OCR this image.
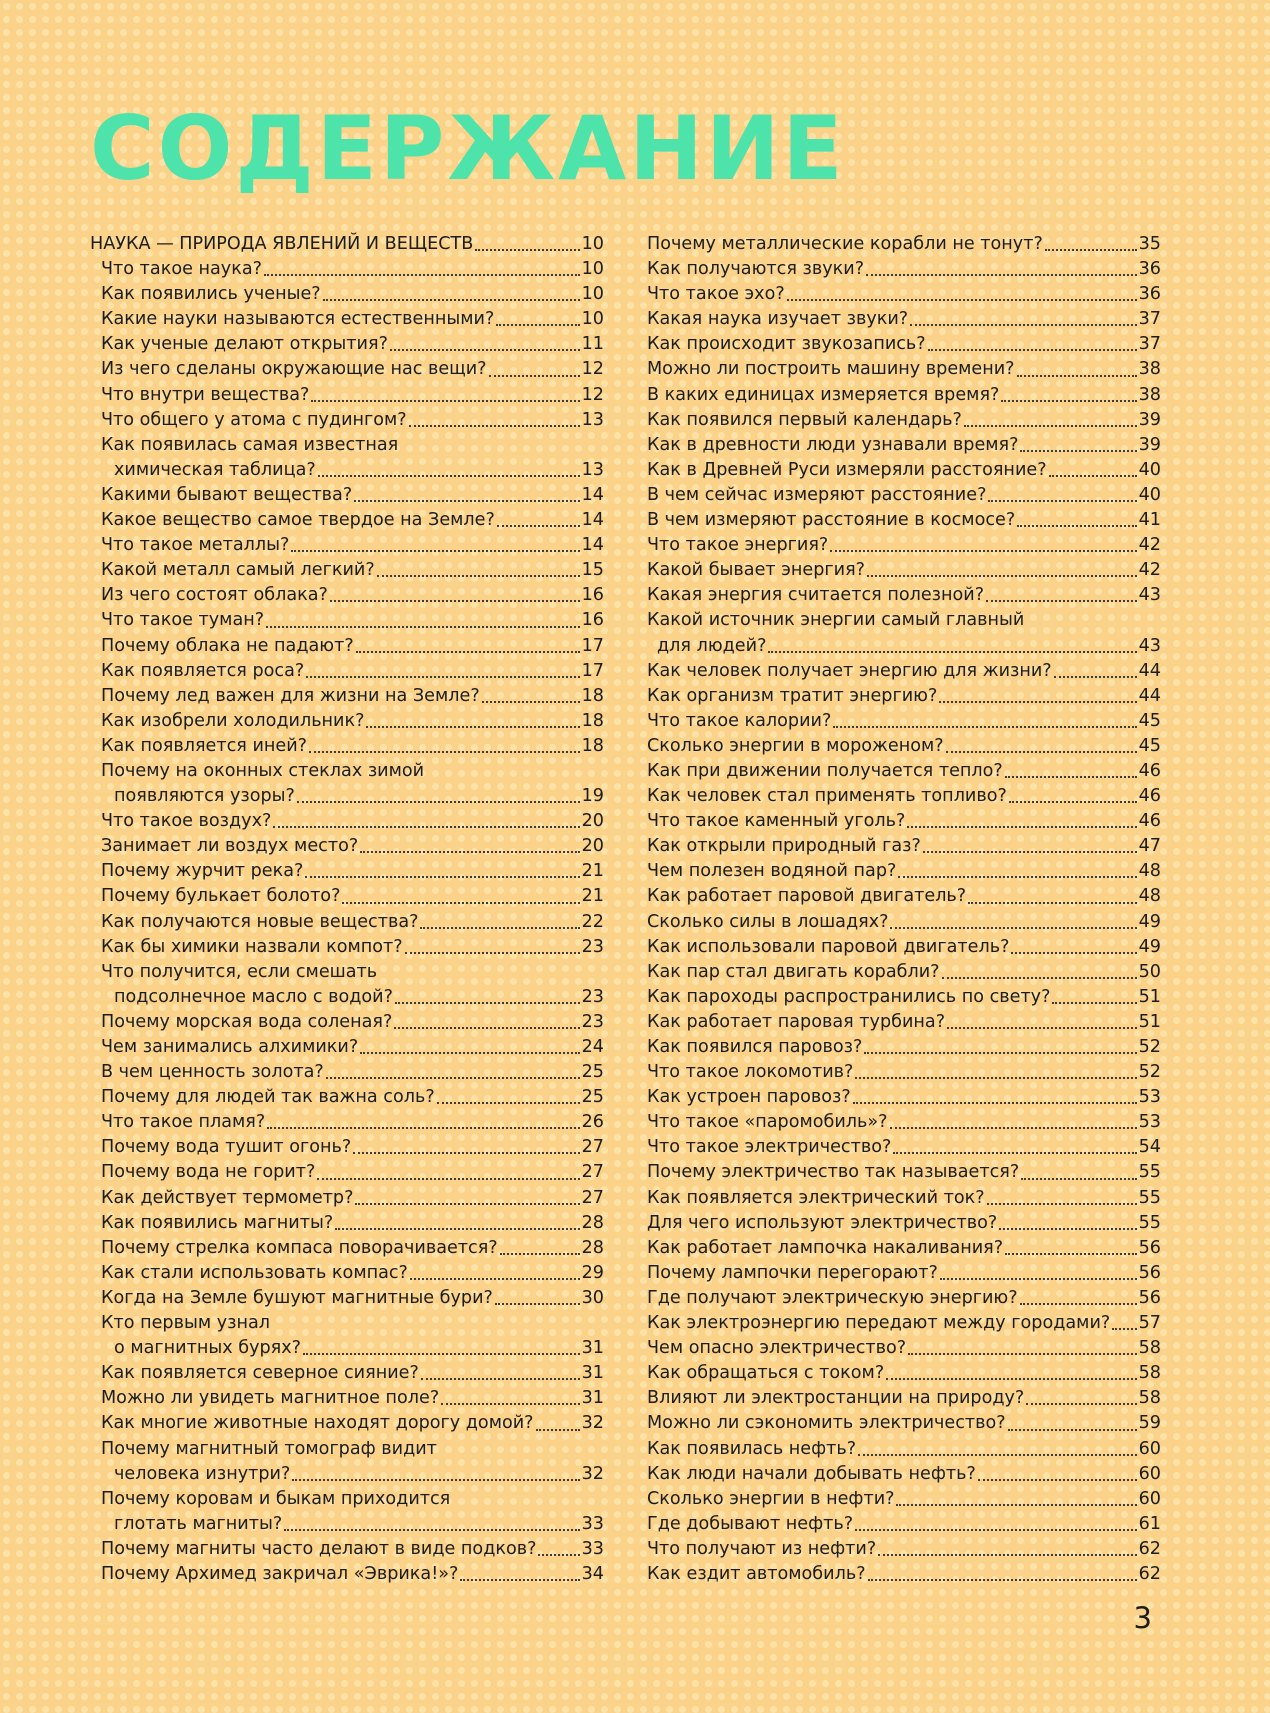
СОДЕРЖАНИЕ
НАУКА — ПРИРОДА ЯВЛЕНИЙ И ВЕЩЕСТВ	10
Что такое наука?	10
Как появились ученые?	10
Какие науки называются естественными?	10
Как ученые делают открытия?	11
Из чего сделаны окружающие нас вещи?	12
Что внутри вещества?	12
Что общего у атома с пудингом?	13
Как появилась самая известная
химическая таблица?	13
Какими бывают вещества?	14
Какое вещество самое твердое на Земле?	14
Что такое металлы?	14
Какой металл самый легкий?	15
Из чего состоят облака?	16
Что такое туман?	16
Почему облака не падают?	17
Как появляется роса?	17
Почему лед важен для жизни на Земле?	18
Как изобрели холодильник?	18
Как появляется иней?	18
Почему на оконных стеклах зимой
появляются узоры?	19
Что такое воздух?	20
Занимает ли воздух место?	20
Почему журчит река?	21
Почему булькает болото?	21
Как получаются новые вещества?	22
Как бы химики назвали компот?	23
Что получится, если смешать
подсолнечное масло с водой?	23
Почему морская вода соленая?	23
Чем занимались алхимики?	24
В чем ценность золота?	25
Почему для людей так важна соль?	25
Что такое пламя?	26
Почему вода тушит огонь?	27
Почему вода не горит?	27
Как действует термометр?	27
Как появились магниты?	28
Почему стрелка компаса поворачивается?	28
Как стали использовать компас?	29
Когда на Земле бушуют магнитные бури?	30
Кто первым узнал
о магнитных бурях?	31
Как появляется северное сияние?	31
Можно ли увидеть магнитное поле?	31
Как многие животные находят дорогу домой?	32
Почему магнитный томограф видит
человека изнутри?	32
Почему коровам и быкам приходится
глотать магниты?	33
Почему магниты часто делают в виде подков?	33
Почему Архимед закричал «Эврика!»?	34
Почему металлические корабли не тонут?	35
Как получаются звуки?	36
Что такое эхо?	36
Какая наука изучает звуки?	37
Как происходит звукозапись?	37
Можно ли построить машину времени?	38
В каких единицах измеряется время?	38
Как появился первый календарь?	39
Как в древности люди узнавали время?	39
Как в Древней Руси измеряли расстояние?	40
В чем сейчас измеряют расстояние?	40
В чем измеряют расстояние в космосе?	41
Что такое энергия?	42
Какой бывает энергия?	42
Какая энергия считается полезной?	43
Какой источник энергии самый главный
для людей?	43
Как человек получает энергию для жизни?	44
Как организм тратит энергию?	44
Что такое калории?	45
Сколько энергии в мороженом?	45
Как при движении получается тепло?	46
Как человек стал применять топливо?	46
Что такое каменный уголь?	46
Как открыли природный газ?	47
Чем полезен водяной пар?	48
Как работает паровой двигатель?	48
Сколько силы в лошадях?	49
Как использовали паровой двигатель?	49
Как пар стал двигать корабли?	50
Как пароходы распространились по свету?	51
Как работает паровая турбина?	51
Как появился паровоз?	52
Что такое локомотив?	52
Как устроен паровоз?	53
Что такое «паромобиль»?	53
Что такое электричество?	54
Почему электричество так называется?	55
Как появляется электрический ток?	55
Для чего используют электричество?	55
Как работает лампочка накаливания?	56
Почему лампочки перегорают?	56
Где получают электрическую энергию?	56
Как электроэнергию передают между городами? 57
Чем опасно электричество?	58
Как обращаться с током?	58
Влияют ли электростанции на природу?	58
Можно ли сэкономить электричество?	59
Как появилась нефть?	60
Как люди начали добывать нефть?	60
Сколько энергии в нефти?	60
Где добывают нефть?	61
Что получают из нефти?	62
Как ездит автомобиль?	62
3
